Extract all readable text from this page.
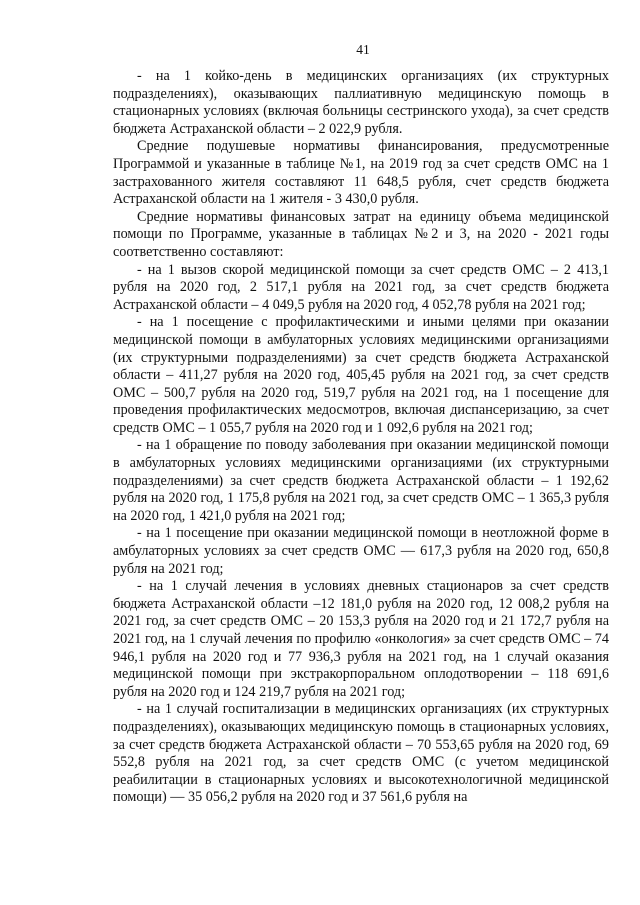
41

- на 1 койко-день в медицинских организациях (их структурных подразделениях), оказывающих паллиативную медицинскую помощь в стационарных условиях (включая больницы сестринского ухода), за счет средств бюджета Астраханской области – 2 022,9 рубля.

Средние подушевые нормативы финансирования, предусмотренные Программой и указанные в таблице №1, на 2019 год за счет средств ОМС на 1 застрахованного жителя составляют 11 648,5 рубля, счет средств бюджета Астраханской области на 1 жителя - 3 430,0 рубля.

Средние нормативы финансовых затрат на единицу объема медицинской помощи по Программе, указанные в таблицах №2 и 3, на 2020 - 2021 годы соответственно составляют:

- на 1 вызов скорой медицинской помощи за счет средств ОМС – 2 413,1 рубля на 2020 год, 2 517,1 рубля на 2021 год, за счет средств бюджета Астраханской области – 4 049,5 рубля на 2020 год, 4 052,78 рубля на 2021 год;

- на 1 посещение с профилактическими и иными целями при оказании медицинской помощи в амбулаторных условиях медицинскими организациями (их структурными подразделениями) за счет средств бюджета Астраханской области – 411,27 рубля на 2020 год, 405,45 рубля на 2021 год, за счет средств ОМС – 500,7 рубля на 2020 год, 519,7 рубля на 2021 год, на 1 посещение для проведения профилактических медосмотров, включая диспансеризацию, за счет средств ОМС – 1 055,7 рубля на 2020 год и 1 092,6 рубля на 2021 год;

- на 1 обращение по поводу заболевания при оказании медицинской помощи в амбулаторных условиях медицинскими организациями (их структурными подразделениями) за счет средств бюджета Астраханской области – 1 192,62 рубля на 2020 год, 1 175,8 рубля на 2021 год, за счет средств ОМС – 1 365,3 рубля на 2020 год, 1 421,0 рубля на 2021 год;

- на 1 посещение при оказании медицинской помощи в неотложной форме в амбулаторных условиях за счет средств ОМС — 617,3 рубля на 2020 год, 650,8 рубля на 2021 год;

- на 1 случай лечения в условиях дневных стационаров за счет средств бюджета Астраханской области –12 181,0 рубля на 2020 год, 12 008,2 рубля на 2021 год, за счет средств ОМС – 20 153,3 рубля на 2020 год и 21 172,7 рубля на 2021 год, на 1 случай лечения по профилю «онкология» за счет средств ОМС – 74 946,1 рубля на 2020 год и 77 936,3 рубля на 2021 год, на 1 случай оказания медицинской помощи при экстракорпоральном оплодотворении – 118 691,6 рубля на 2020 год и 124 219,7 рубля на 2021 год;

- на 1 случай госпитализации в медицинских организациях (их структурных подразделениях), оказывающих медицинскую помощь в стационарных условиях, за счет средств бюджета Астраханской области – 70 553,65 рубля на 2020 год, 69 552,8 рубля на 2021 год, за счет средств ОМС (с учетом медицинской реабилитации в стационарных условиях и высокотехнологичной медицинской помощи) — 35 056,2 рубля на 2020 год и 37 561,6 рубля на
